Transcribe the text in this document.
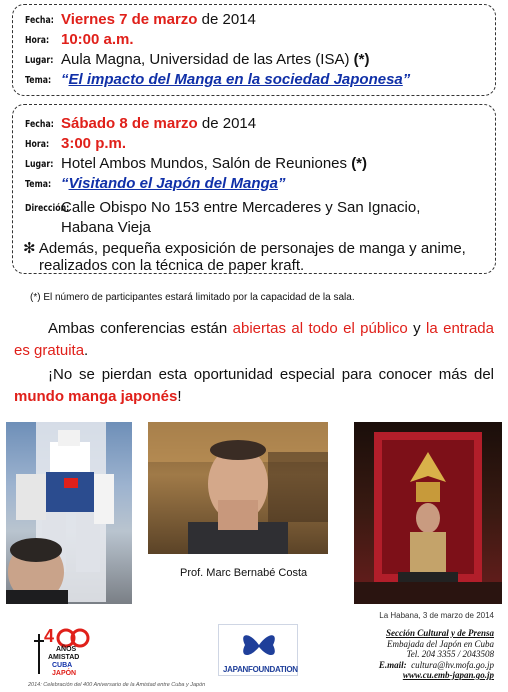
Fecha: Viernes 7 de marzo de 2014
Hora: 10:00 a.m.
Lugar: Aula Magna, Universidad de las Artes (ISA) (*)
Tema: “El impacto del Manga en la sociedad Japonesa”
Fecha: Sábado 8 de marzo de 2014
Hora: 3:00 p.m.
Lugar: Hotel Ambos Mundos, Salón de Reuniones (*)
Tema: “Visitando el Japón del Manga”
Dirección:
Calle Obispo No 153 entre Mercaderes y San Ignacio,
Habana Vieja
✻ Además, pequeña exposición de personajes de manga y anime,
realizados con la técnica de paper kraft.
(*) El número de participantes estará limitado por la capacidad de la sala.
Ambas conferencias están abiertas al todo el público y la entrada es gratuita.
¡No se pierdan esta oportunidad especial para conocer más del mundo manga japonés!
Prof. Marc Bernabé Costa
La Habana, 3 de marzo de 2014
Sección Cultural y de Prensa
Embajada del Japón en Cuba
Tel. 204 3355 / 2043508
E.mail: cultura@hv.mofa.go.jp
www.cu.emb-japan.go.jp
4
AÑOS
AMISTAD
CUBA
JAPÓN	JAPANFOUNDATION
2014: Celebración del 400 Aniversario de la Amistad entre Cuba y Japón
